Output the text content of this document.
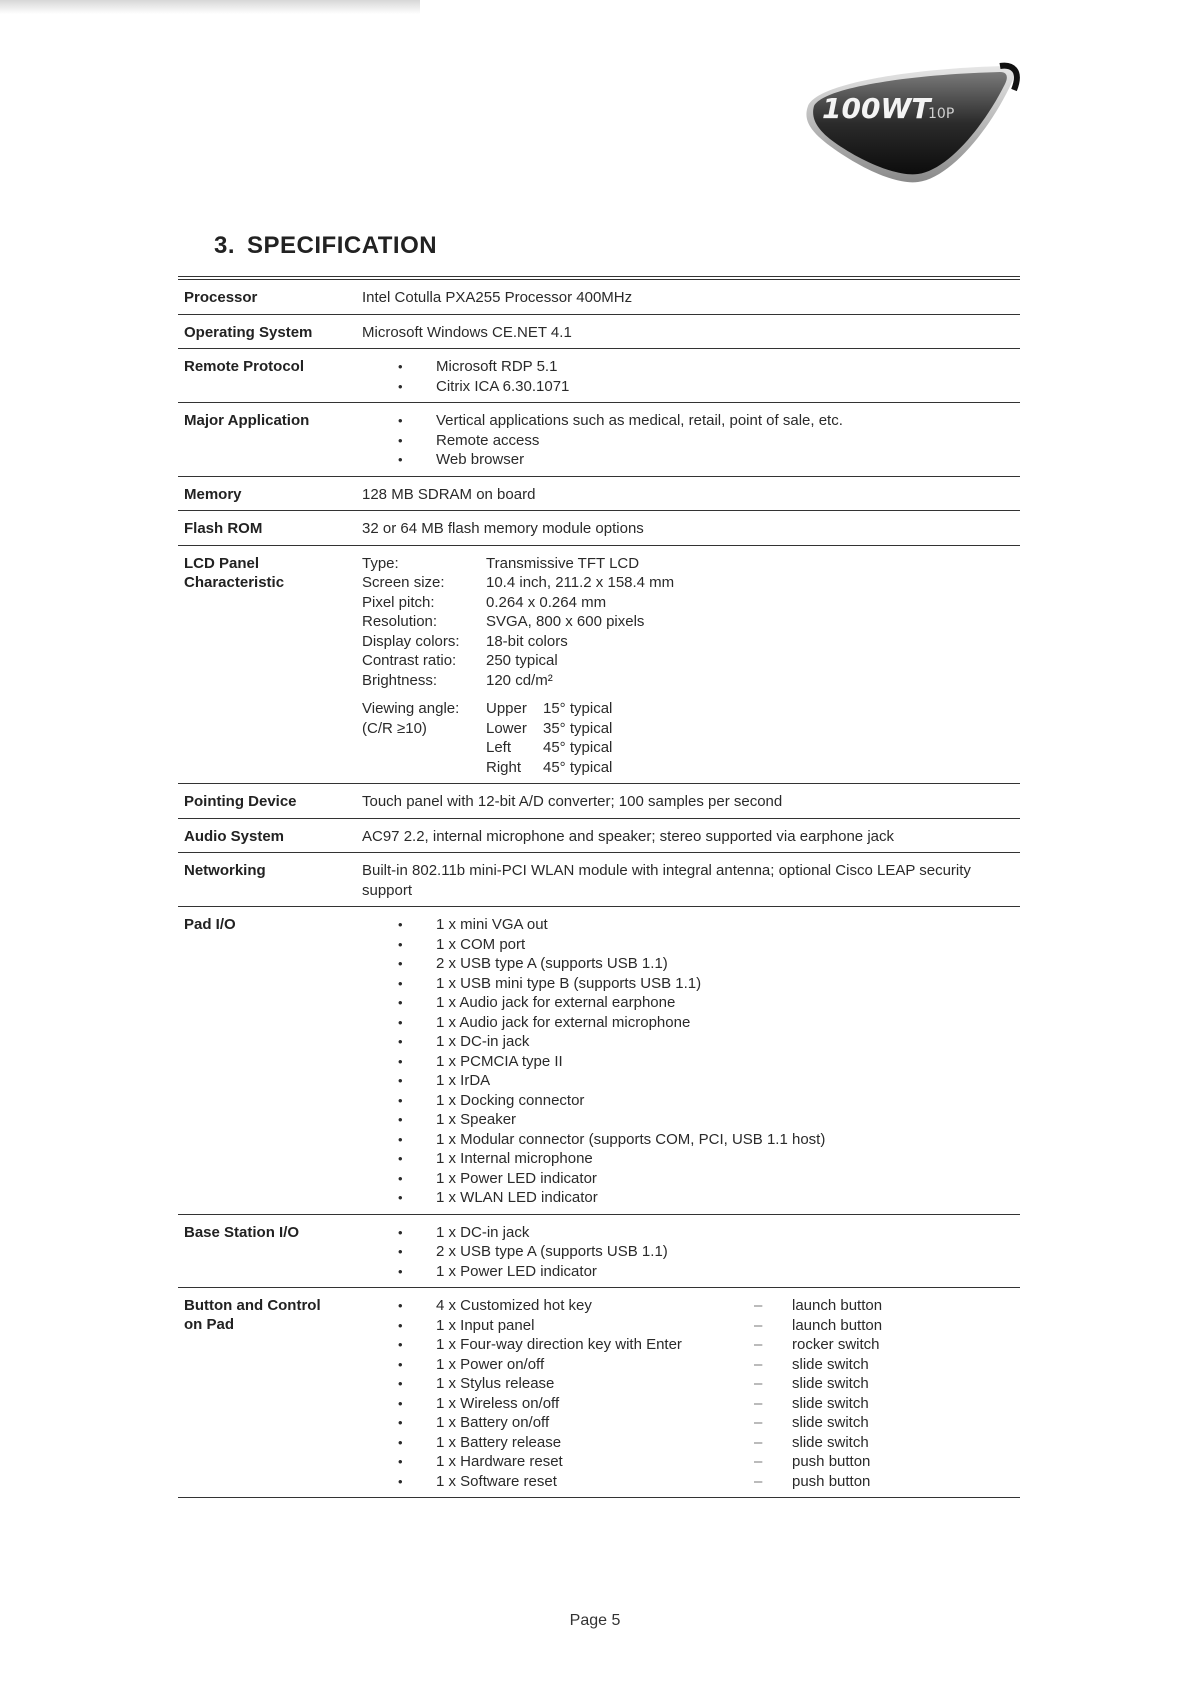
100WT
10P
3. SPECIFICATION
Processor	Intel Cotulla PXA255 Processor 400MHz
Operating System	Microsoft Windows CE.NET 4.1
Remote Protocol	• Microsoft RDP 5.1
• Citrix ICA 6.30.1071
Major Application	• Vertical applications such as medical, retail, point of sale, etc.
• Remote access
• Web browser
Memory	128 MB SDRAM on board
Flash ROM	32 or 64 MB flash memory module options
LCD Panel
Characteristic
Type:	Transmissive TFT LCD
Screen size:	10.4 inch, 211.2 x 158.4 mm
Pixel pitch:	0.264 x 0.264 mm
Resolution:	SVGA, 800 x 600 pixels
Display colors:	18-bit colors
Contrast ratio:	250 typical
Brightness:	120 cd/m²
Viewing angle:
(C/R ≥10)
Upper	15° typical
Lower	35° typical
Left	45° typical
Right	45° typical
Pointing Device	Touch panel with 12-bit A/D converter; 100 samples per second
Audio System	AC97 2.2, internal microphone and speaker; stereo supported via earphone jack
Networking	Built-in 802.11b mini-PCI WLAN module with integral antenna; optional Cisco LEAP security support
Pad I/O	• 1 x mini VGA out
• 1 x COM port
• 2 x USB type A (supports USB 1.1)
• 1 x USB mini type B (supports USB 1.1)
• 1 x Audio jack for external earphone
• 1 x Audio jack for external microphone
• 1 x DC-in jack
• 1 x PCMCIA type II
• 1 x IrDA
• 1 x Docking connector
• 1 x Speaker
• 1 x Modular connector (supports COM, PCI, USB 1.1 host)
• 1 x Internal microphone
• 1 x Power LED indicator
• 1 x WLAN LED indicator
Base Station I/O	• 1 x DC-in jack
• 2 x USB type A (supports USB 1.1)
• 1 x Power LED indicator
Button and Control
on Pad
• 4 x Customized hot key	–	launch button
• 1 x Input panel	–	launch button
• 1 x Four-way direction key with Enter	–	rocker switch
• 1 x Power on/off	–	slide switch
• 1 x Stylus release	–	slide switch
• 1 x Wireless on/off	–	slide switch
• 1 x Battery on/off	–	slide switch
• 1 x Battery release	–	slide switch
• 1 x Hardware reset	–	push button
• 1 x Software reset	–	push button
Page 5
